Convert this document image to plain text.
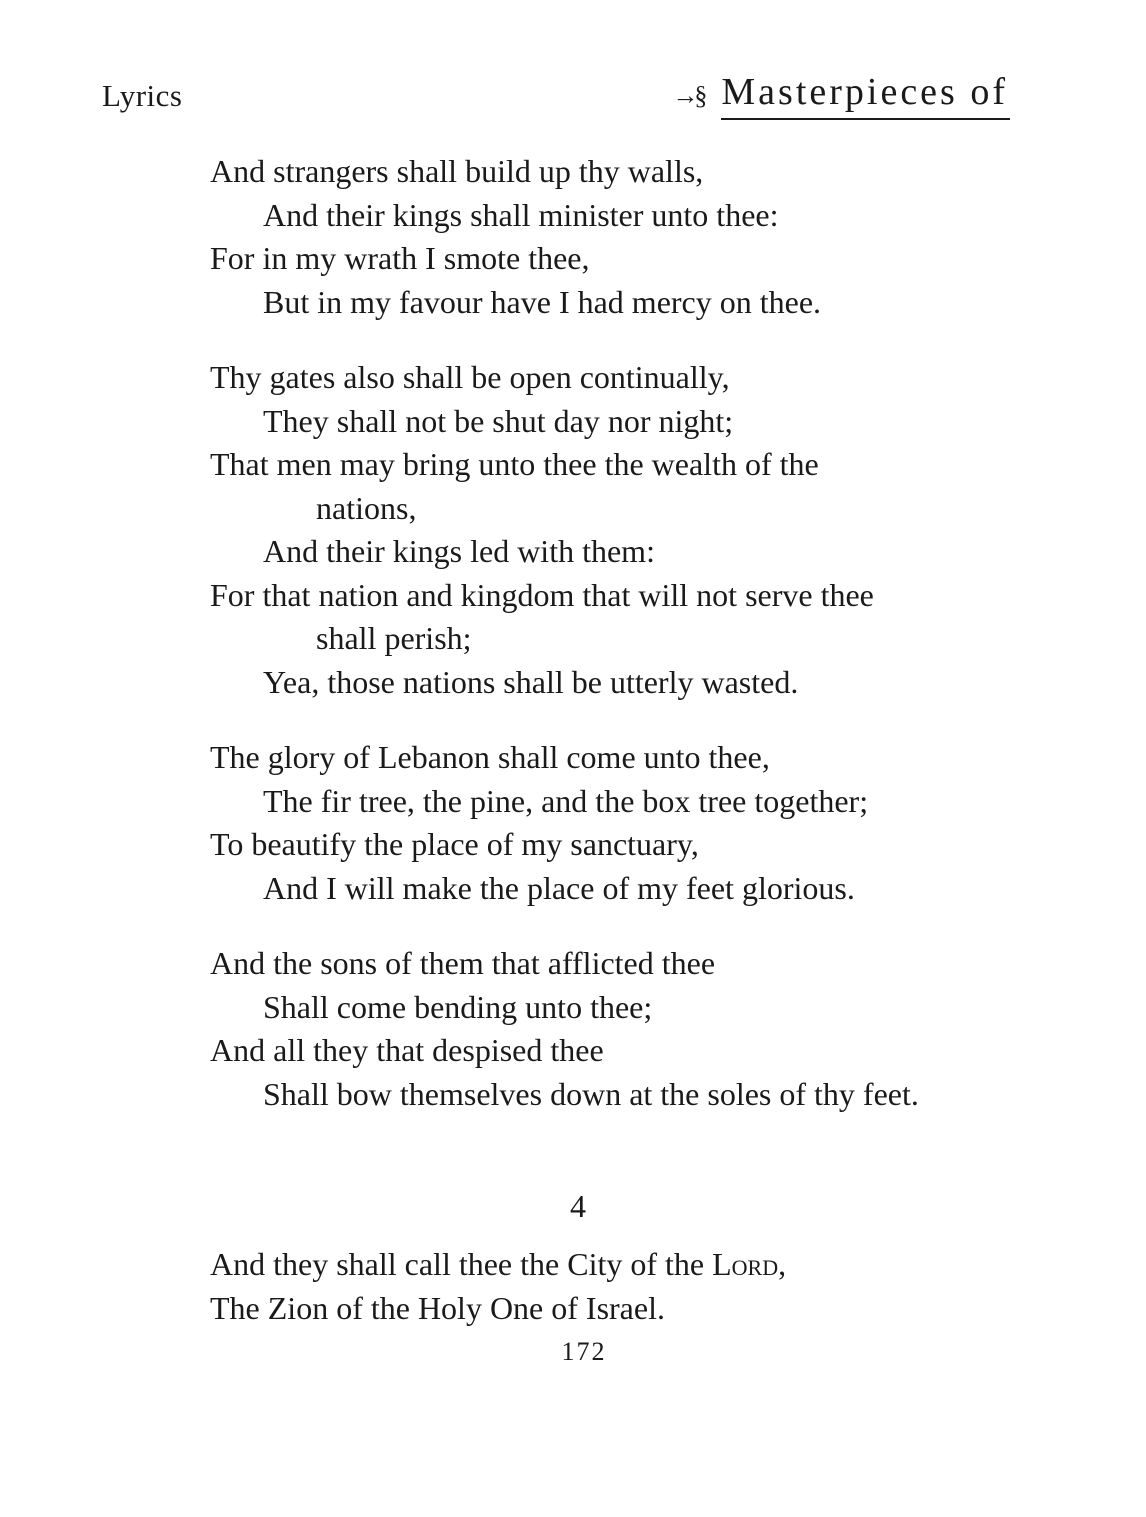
Lyrics	→§ Masterpieces of
And strangers shall build up thy walls,
And their kings shall minister unto thee:
For in my wrath I smote thee,
But in my favour have I had mercy on thee.
Thy gates also shall be open continually,
They shall not be shut day nor night;
That men may bring unto thee the wealth of the
nations,
And their kings led with them:
For that nation and kingdom that will not serve thee
shall perish;
Yea, those nations shall be utterly wasted.
The glory of Lebanon shall come unto thee,
The fir tree, the pine, and the box tree together;
To beautify the place of my sanctuary,
And I will make the place of my feet glorious.
And the sons of them that afflicted thee
Shall come bending unto thee;
And all they that despised thee
Shall bow themselves down at the soles of thy feet.
4
And they shall call thee the City of the Lord,
The Zion of the Holy One of Israel.
172
